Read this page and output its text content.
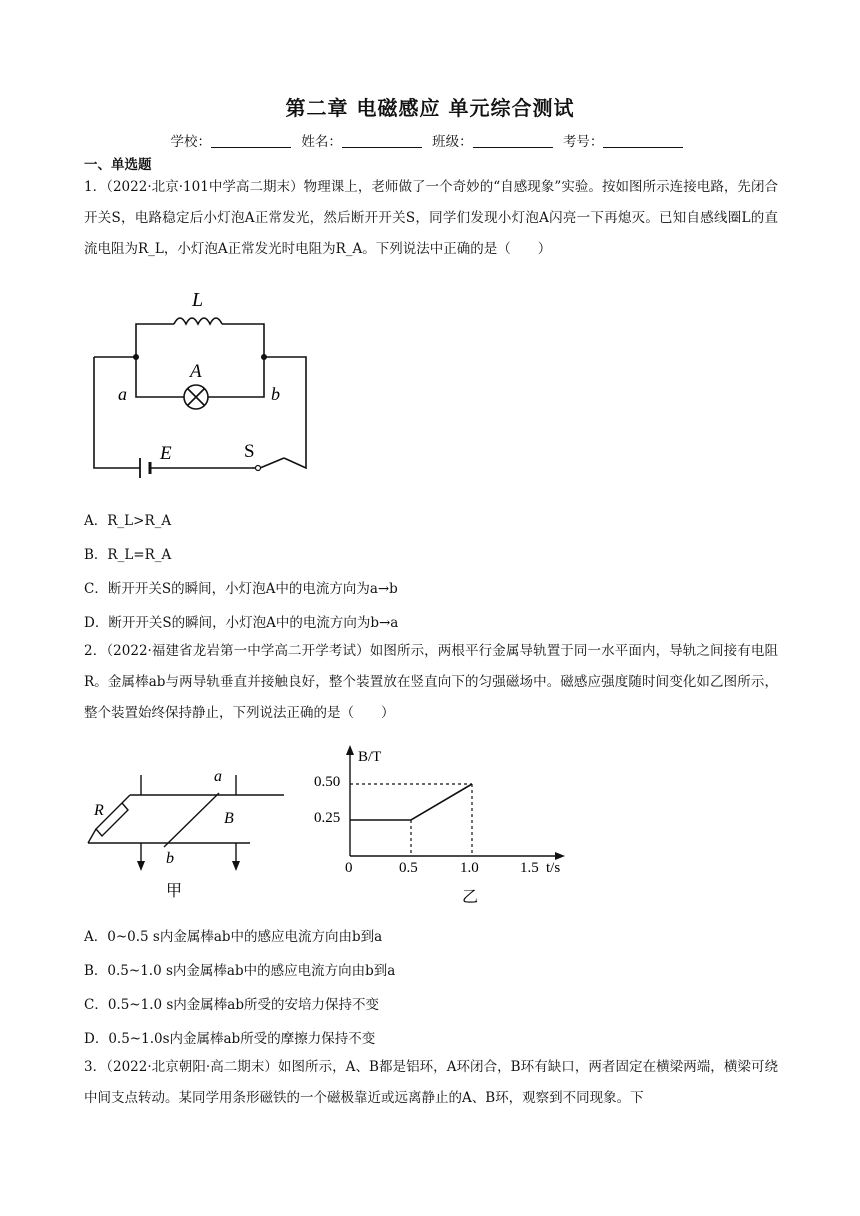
第二章 电磁感应 单元综合测试
学校：	姓名：	班级：	考号：
一、单选题
1．（2022·北京·101中学高二期末）物理课上，老师做了一个奇妙的“自感现象”实验。按如图所示连接电路，先闭合开关S，电路稳定后小灯泡A正常发光，然后断开开关S，同学们发现小灯泡A闪亮一下再熄灭。已知自感线圈L的直流电阻为R_L，小灯泡A正常发光时电阻为R_A。下列说法中正确的是（　　）
L
A
a	b
E	S
A．R_L>R_A
B．R_L=R_A
C．断开开关S的瞬间，小灯泡A中的电流方向为a→b
D．断开开关S的瞬间，小灯泡A中的电流方向为b→a
2．（2022·福建省龙岩第一中学高二开学考试）如图所示，两根平行金属导轨置于同一水平面内，导轨之间接有电阻R。金属棒ab与两导轨垂直并接触良好，整个装置放在竖直向下的匀强磁场中。磁感应强度随时间变化如乙图所示，整个装置始终保持静止，下列说法正确的是（　　）
R
a
b
B
甲
B/T
t/s
0.50
0.25
0	0.5	1.0	1.5
乙
A．0~0.5 s内金属棒ab中的感应电流方向由b到a
B．0.5~1.0 s内金属棒ab中的感应电流方向由b到a
C．0.5~1.0 s内金属棒ab所受的安培力保持不变
D．0.5~1.0s内金属棒ab所受的摩擦力保持不变
3．（2022·北京朝阳·高二期末）如图所示，A、B都是铝环，A环闭合，B环有缺口，两者固定在横梁两端，横梁可绕中间支点转动。某同学用条形磁铁的一个磁极靠近或远离静止的A、B环，观察到不同现象。下
